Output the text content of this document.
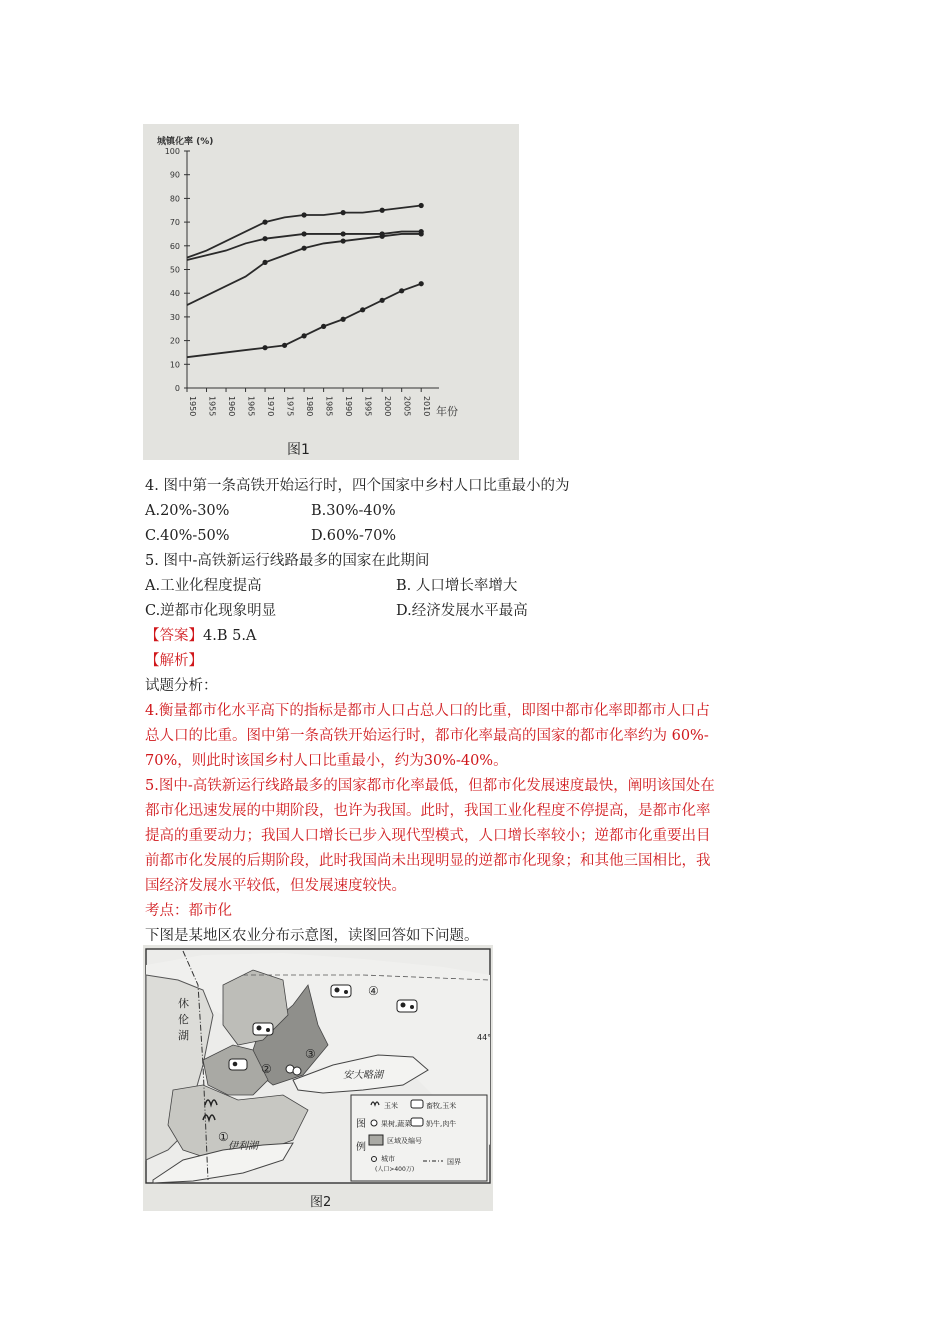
城镇化率 (%)
100
90
80
70
60
50
40
30
20
10
0
1950 1955 1960 1965 1970 1975 1980 1985 1990 1995 2000 2005 2010 年份
图1
4. 图中第一条高铁开始运行时，四个国家中乡村人口比重最小的为
A.20%-30%	B.30%-40%
C.40%-50%	D.60%-70%
5. 图中-高铁新运行线路最多的国家在此期间
A.工业化程度提高	B. 人口增长率增大
C.逆都市化现象明显	D.经济发展水平最高
【答案】4.B 5.A
【解析】
试题分析：
4.衡量都市化水平高下的指标是都市人口占总人口的比重，即图中都市化率即都市人口占
总人口的比重。图中第一条高铁开始运行时，都市化率最高的国家的都市化率约为 60%-
70%，则此时该国乡村人口比重最小，约为30%-40%。
5.图中-高铁新运行线路最多的国家都市化率最低，但都市化发展速度最快，阐明该国处在
都市化迅速发展的中期阶段，也许为我国。此时，我国工业化程度不停提高，是都市化率
提高的重要动力；我国人口增长已步入现代型模式，人口增长率较小；逆都市化重要出目
前都市化发展的后期阶段，此时我国尚未出现明显的逆都市化现象；和其他三国相比，我
国经济发展水平较低，但发展速度较快。
考点：都市化
下图是某地区农业分布示意图，读图回答如下问题。
休
伦
湖
安大略湖
伊利湖
44°
①
②
③
④
图
例
玉米	畜牧,玉米
果树,蔬菜 奶牛,肉牛
区域及编号
城市
(人口>400万)
国界
图2
